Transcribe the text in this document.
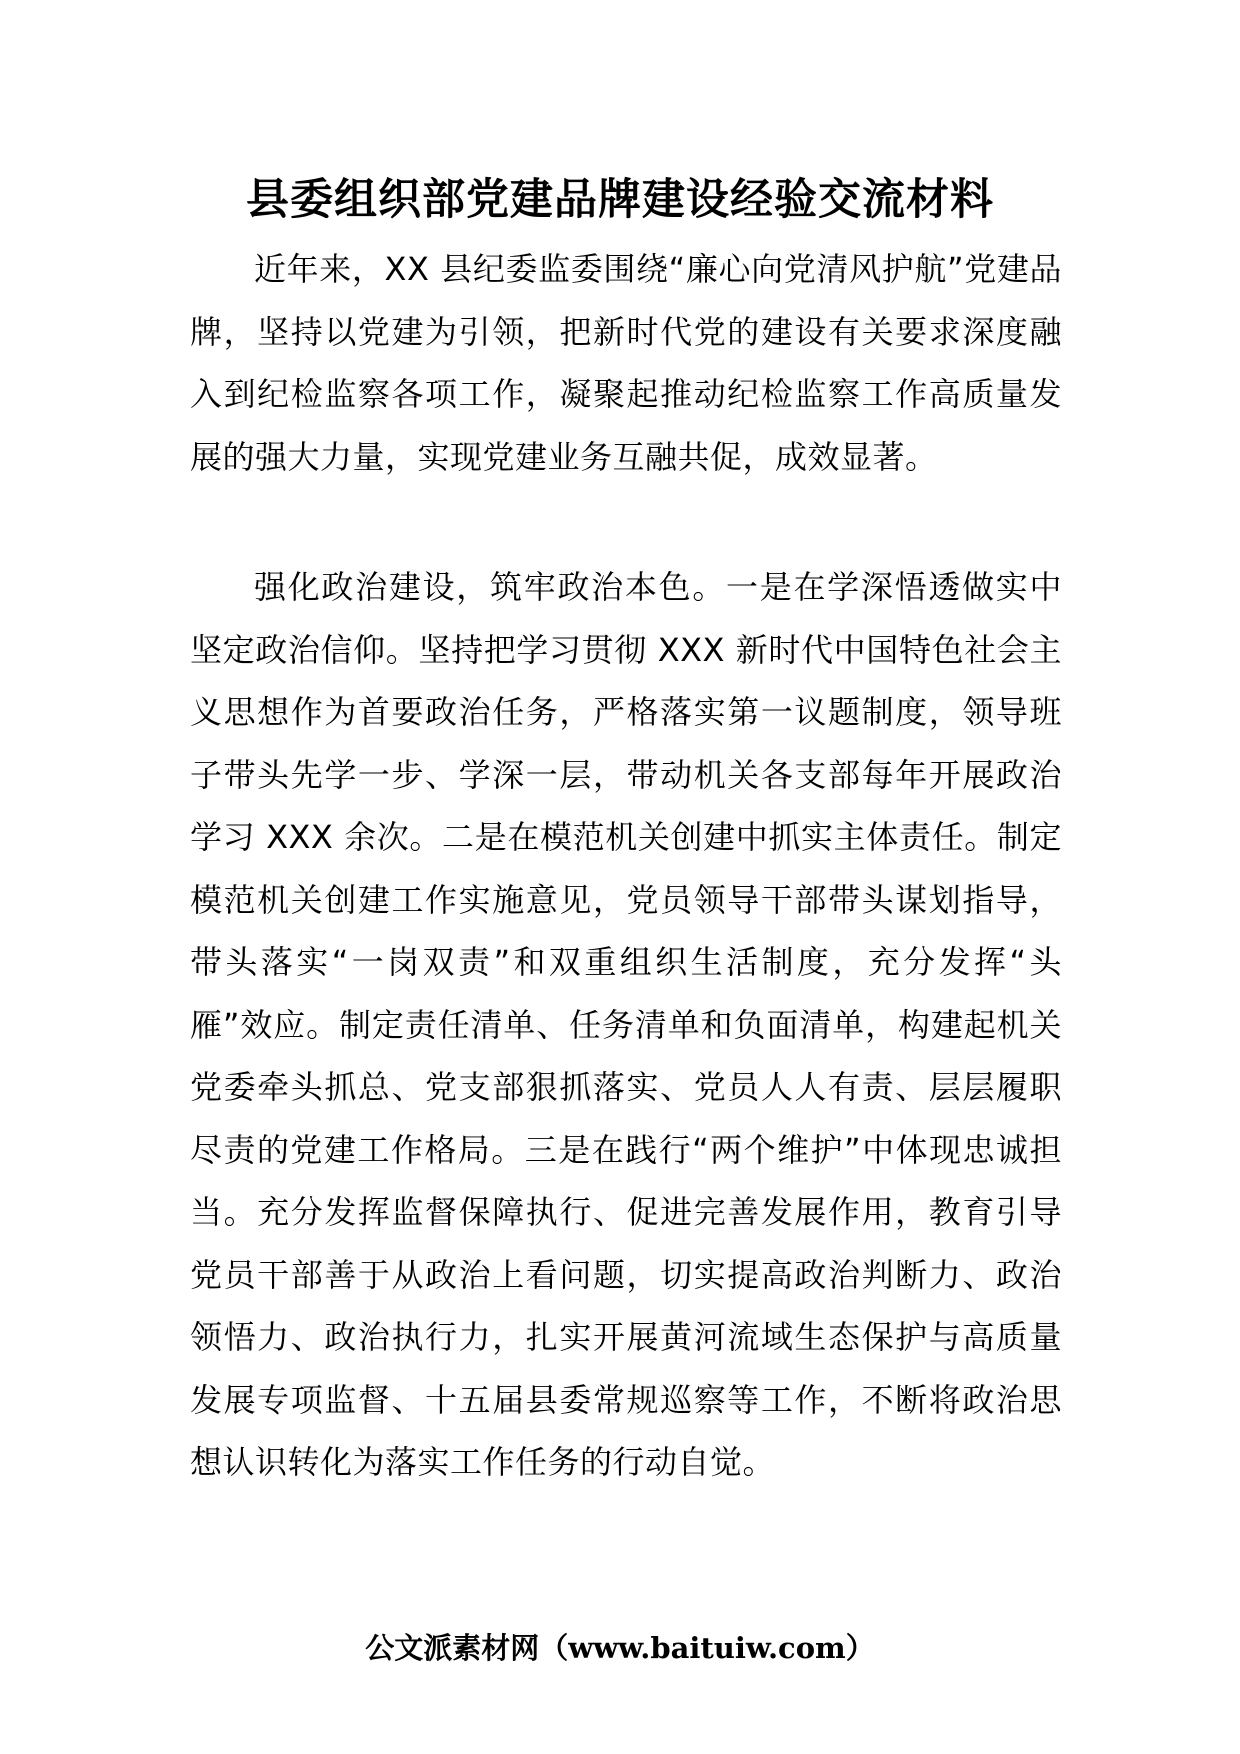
县委组织部党建品牌建设经验交流材料

近年来，XX 县纪委监委围绕“廉心向党清风护航”党建品牌，坚持以党建为引领，把新时代党的建设有关要求深度融入到纪检监察各项工作，凝聚起推动纪检监察工作高质量发展的强大力量，实现党建业务互融共促，成效显著。

强化政治建设，筑牢政治本色。一是在学深悟透做实中坚定政治信仰。坚持把学习贯彻 XXX 新时代中国特色社会主义思想作为首要政治任务，严格落实第一议题制度，领导班子带头先学一步、学深一层，带动机关各支部每年开展政治学习 XXX 余次。二是在模范机关创建中抓实主体责任。制定模范机关创建工作实施意见，党员领导干部带头谋划指导，带头落实“一岗双责”和双重组织生活制度，充分发挥“头雁”效应。制定责任清单、任务清单和负面清单，构建起机关党委牵头抓总、党支部狠抓落实、党员人人有责、层层履职尽责的党建工作格局。三是在践行“两个维护”中体现忠诚担当。充分发挥监督保障执行、促进完善发展作用，教育引导党员干部善于从政治上看问题，切实提高政治判断力、政治领悟力、政治执行力，扎实开展黄河流域生态保护与高质量发展专项监督、十五届县委常规巡察等工作，不断将政治思想认识转化为落实工作任务的行动自觉。

公文派素材网（www.baituiw.com）
